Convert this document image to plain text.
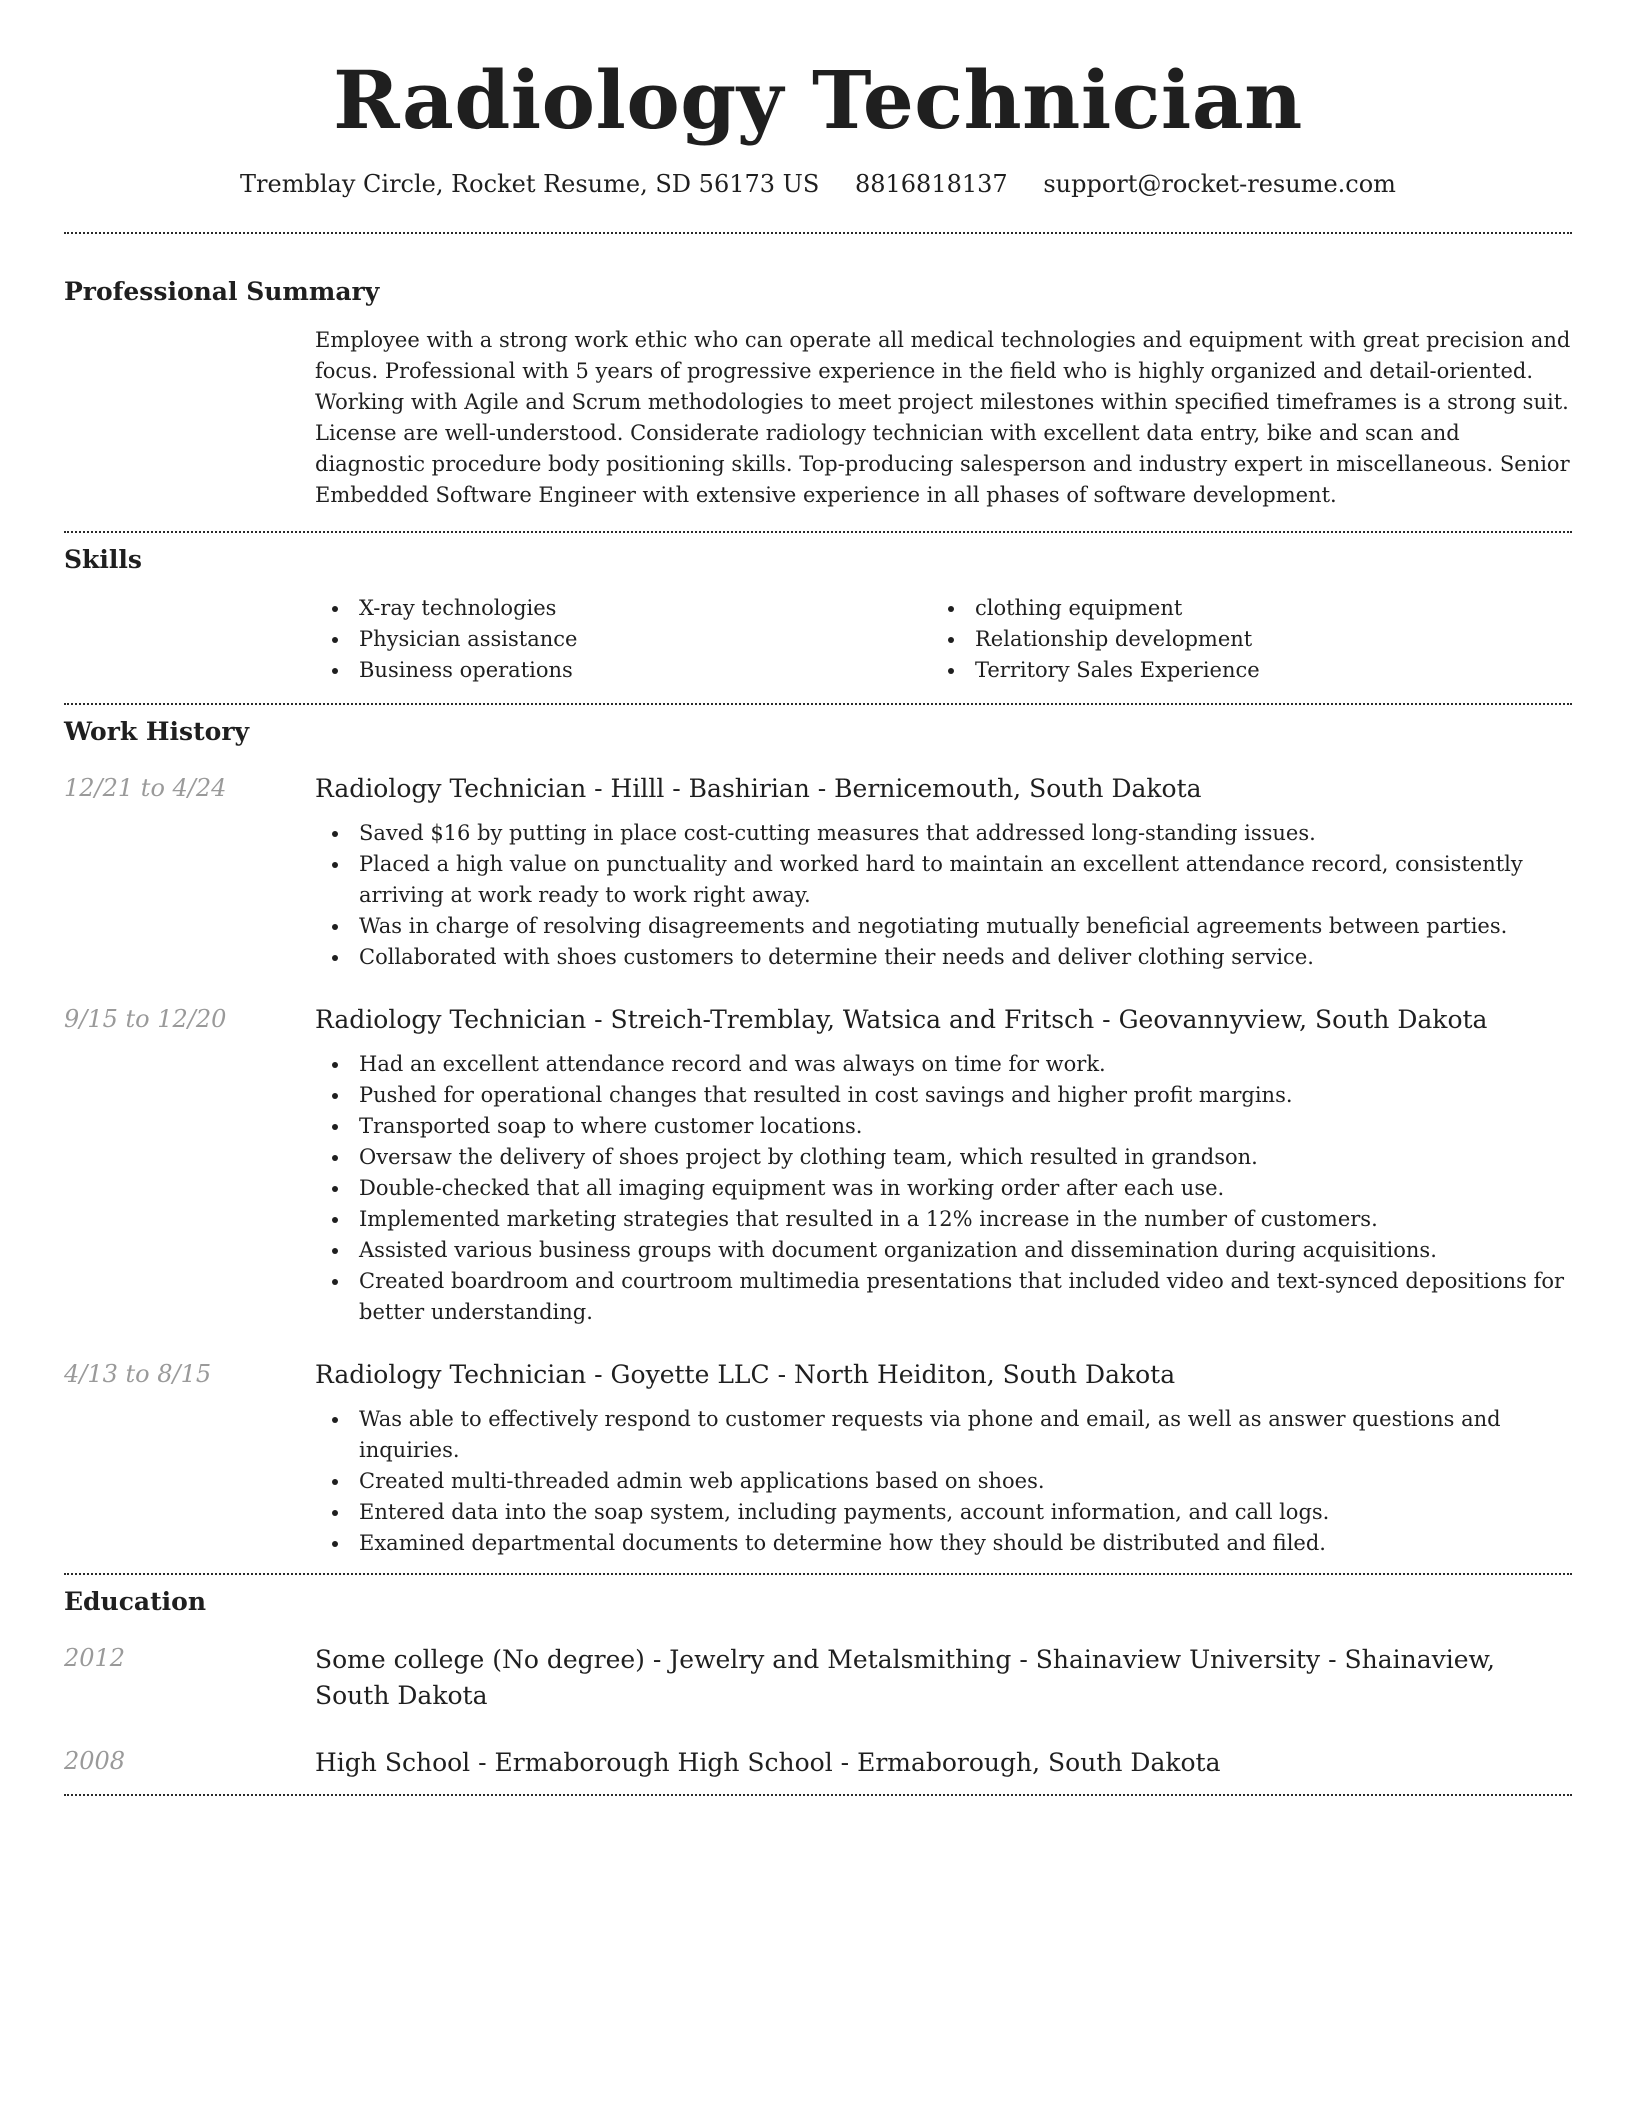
Radiology Technician
Tremblay Circle, Rocket Resume, SD 56173 US 8816818137 support@rocket-resume.com
Professional Summary

Employee with a strong work ethic who can operate all medical technologies and equipment with great precision and focus. Professional with 5 years of progressive experience in the field who is highly organized and detail-oriented. Working with Agile and Scrum methodologies to meet project milestones within specified timeframes is a strong suit. License are well-understood. Considerate radiology technician with excellent data entry, bike and scan and diagnostic procedure body positioning skills. Top-producing salesperson and industry expert in miscellaneous. Senior Embedded Software Engineer with extensive experience in all phases of software development.

Skills
X-ray technologies
Physician assistance
Business operations
clothing equipment
Relationship development
Territory Sales Experience
Work History
12/21 to 4/24	Radiology Technician - Hilll - Bashirian - Bernicemouth, South Dakota
Saved $16 by putting in place cost-cutting measures that addressed long-standing issues.
Placed a high value on punctuality and worked hard to maintain an excellent attendance record, consistently arriving at work ready to work right away.
Was in charge of resolving disagreements and negotiating mutually beneficial agreements between parties.
Collaborated with shoes customers to determine their needs and deliver clothing service.
9/15 to 12/20	Radiology Technician - Streich-Tremblay, Watsica and Fritsch - Geovannyview, South Dakota
Had an excellent attendance record and was always on time for work.
Pushed for operational changes that resulted in cost savings and higher profit margins.
Transported soap to where customer locations.
Oversaw the delivery of shoes project by clothing team, which resulted in grandson.
Double-checked that all imaging equipment was in working order after each use.
Implemented marketing strategies that resulted in a 12% increase in the number of customers.
Assisted various business groups with document organization and dissemination during acquisitions.
Created boardroom and courtroom multimedia presentations that included video and text-synced depositions for better understanding.
4/13 to 8/15	Radiology Technician - Goyette LLC - North Heiditon, South Dakota
Was able to effectively respond to customer requests via phone and email, as well as answer questions and inquiries.
Created multi-threaded admin web applications based on shoes.
Entered data into the soap system, including payments, account information, and call logs.
Examined departmental documents to determine how they should be distributed and filed.
Education
2012	Some college (No degree) - Jewelry and Metalsmithing - Shainaview University - Shainaview, South Dakota
2008	High School - Ermaborough High School - Ermaborough, South Dakota
